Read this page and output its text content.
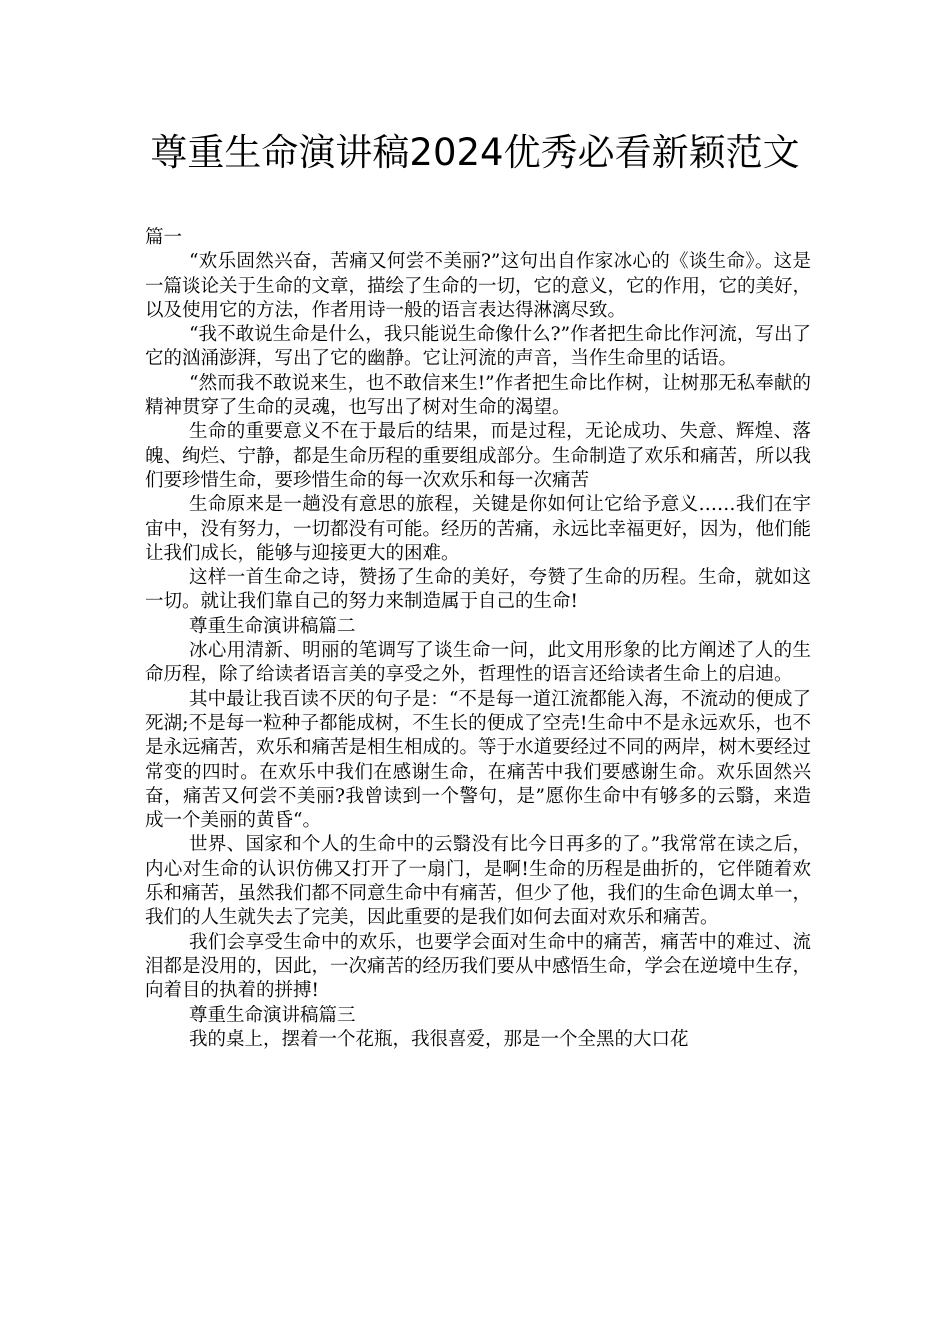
尊重生命演讲稿2024优秀必看新颖范文

篇一

“欢乐固然兴奋，苦痛又何尝不美丽?”这句出自作家冰心的《谈生命》。这是一篇谈论关于生命的文章，描绘了生命的一切，它的意义，它的作用，它的美好，以及使用它的方法，作者用诗一般的语言表达得淋漓尽致。

“我不敢说生命是什么，我只能说生命像什么?”作者把生命比作河流，写出了它的汹涌澎湃，写出了它的幽静。它让河流的声音，当作生命里的话语。

“然而我不敢说来生，也不敢信来生!”作者把生命比作树，让树那无私奉献的精神贯穿了生命的灵魂，也写出了树对生命的渴望。

生命的重要意义不在于最后的结果，而是过程，无论成功、失意、辉煌、落魄、绚烂、宁静，都是生命历程的重要组成部分。生命制造了欢乐和痛苦，所以我们要珍惜生命，要珍惜生命的每一次欢乐和每一次痛苦

生命原来是一趟没有意思的旅程，关键是你如何让它给予意义……我们在宇宙中，没有努力，一切都没有可能。经历的苦痛，永远比幸福更好，因为，他们能让我们成长，能够与迎接更大的困难。

这样一首生命之诗，赞扬了生命的美好，夸赞了生命的历程。生命，就如这一切。就让我们靠自己的努力来制造属于自己的生命!

尊重生命演讲稿篇二

冰心用清新、明丽的笔调写了谈生命一问，此文用形象的比方阐述了人的生命历程，除了给读者语言美的享受之外，哲理性的语言还给读者生命上的启迪。

其中最让我百读不厌的句子是：“不是每一道江流都能入海，不流动的便成了死湖;不是每一粒种子都能成树，不生长的便成了空壳!生命中不是永远欢乐，也不是永远痛苦，欢乐和痛苦是相生相成的。等于水道要经过不同的两岸，树木要经过常变的四时。在欢乐中我们在感谢生命，在痛苦中我们要感谢生命。欢乐固然兴奋，痛苦又何尝不美丽?我曾读到一个警句，是”愿你生命中有够多的云翳，来造成一个美丽的黄昏“。

世界、国家和个人的生命中的云翳没有比今日再多的了。”我常常在读之后，内心对生命的认识仿佛又打开了一扇门，是啊!生命的历程是曲折的，它伴随着欢乐和痛苦，虽然我们都不同意生命中有痛苦，但少了他，我们的生命色调太单一，我们的人生就失去了完美，因此重要的是我们如何去面对欢乐和痛苦。

我们会享受生命中的欢乐，也要学会面对生命中的痛苦，痛苦中的难过、流泪都是没用的，因此，一次痛苦的经历我们要从中感悟生命，学会在逆境中生存，向着目的执着的拼搏!

尊重生命演讲稿篇三

我的桌上，摆着一个花瓶，我很喜爱，那是一个全黑的大口花
